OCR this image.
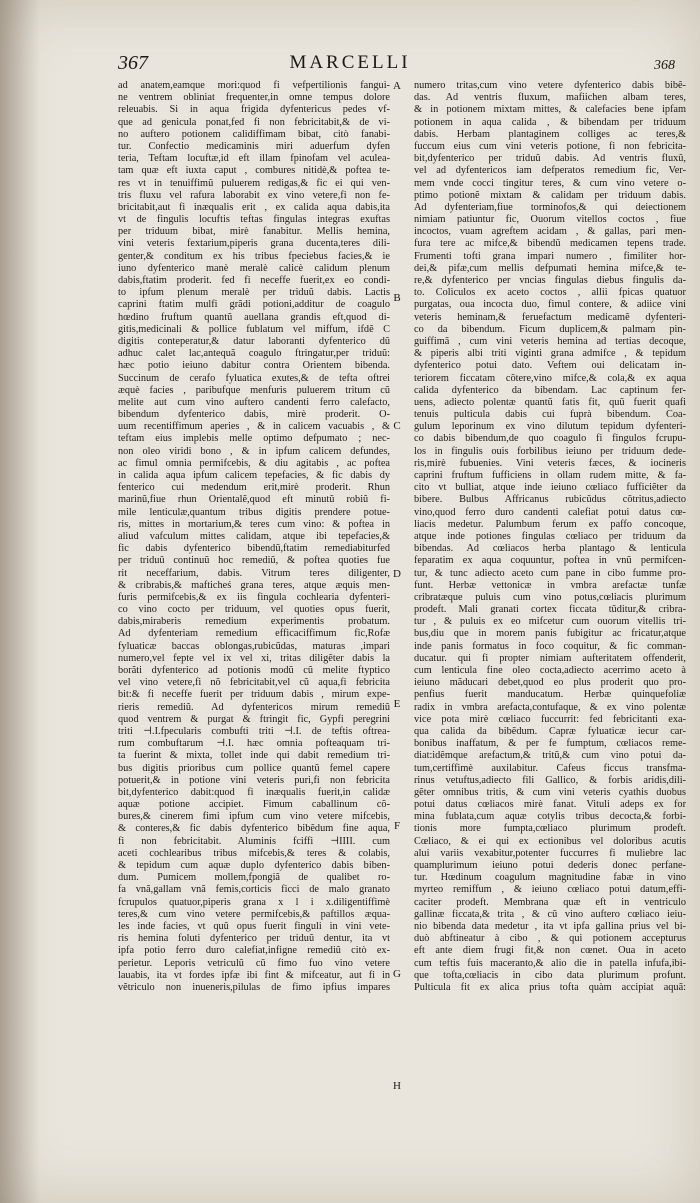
367	MARCELLI	368
ad anatem,eamque mori:quod fi vefpertilionis fangui-
ne ventrem obliniat frequenter,in omne tempus dolore
releuabis. Si in aqua frigida dyfentericus pedes vf-
que ad genicula ponat,fed fi non febricitabit,& de vi-
no auftero potionem calidiffimam bibat, citò fanabi-
tur. Confectio medicaminis miri aduerfum dyfen
teria, Teftam locuftæ,id eft illam fpinofam vel aculea-
tam quæ eft iuxta caput , combures nitidè,& poftea te-
res vt in tenuiffimũ puluerem redigas,& fic ei qui ven-
tris fluxu vel rafura laborabit ex vino vetere,fi non fe-
bricitabit,aut fi inæqualis erit , ex calida aqua dabis,ita
vt de fingulis locuftis teftas fingulas integras exuftas
per triduum bibat, mirè fanabitur. Mellis hemina,
vini veteris fextarium,piperis grana ducenta,teres dili-
genter,& conditum ex his tribus fpeciebus facies,& ie
iuno dyfenterico manè meralè calicè calidum plenum
dabis,ftatim proderit. fed fi neceffe fuerit,ex eo condi-
to ipfum plenum meralè per triduũ dabis. Lactis
caprini ftatim mulfi grãdi potioni,additur de coagulo
hœdino fruftum quantũ auellana grandis eft,quod di-
gitis,medicinali & pollice fublatum vel miffum, ifdẽ C
digitis conteperatur,& datur laboranti dyfenterico dũ
adhuc calet lac,antequã coagulo ftringatur,per triduũ:
hæc potio ieiuno dabitur contra Orientem bibenda.
Succinum de cerafo fyluatica exutes,& de tefta oftrei
æquè facies , paribufque menfuris puluerem tritum cũ
melite aut cum vino auftero candenti ferro calefacto,
bibendum dyfenterico dabis, mirè proderit. O-
uum recentiffimum aperies , & in calicem vacuabis , &
teftam eius implebis melle optimo defpumato ; nec-
non oleo viridi bono , & in ipfum calicem defundes,
ac fimul omnia permifcebis, & diu agitabis , ac poftea
in calida aqua ipfum calicem tepefacies, & fic dabis dy
fenterico cui medendum erit,mirè proderit. Rhun
marinũ,fiue rhun Orientalẽ,quod eft minutũ robiũ fi-
mile lenticulæ,quantum tribus digitis prendere potue-
ris, mittes in mortarium,& teres cum vino: & poftea in
aliud vafculum mittes calidam, atque ibi tepefacies,&
fic dabis dyfenterico bibendũ,ftatim remediabiturfed
per triduũ continuũ hoc remediũ, & poftea quoties fue
rit neceffarium, dabis. Vitrum teres diligenter,
& cribrabis,& mafticheś grana teres, atque æquis men-
furis permifcebis,& ex iis fingula cochlearia dyfenteri-
co vino cocto per triduum, vel quoties opus fuerit,
dabis,miraberis remedium experimentis probatum.
Ad dyfenteriam remedium efficaciffimum fic,Rofæ
fyluaticæ baccas oblongas,rubicũdas, maturas ,impari
numero,vel fepte vel ix vel xi, tritas diligẽter dabis la
borãti dyfenterico ad potionis modũ cũ melite ftyptico
vel vino vetere,fi nõ febricitabit,vel cũ aqua,fi febricita
bit:& fi neceffe fuerit per triduum dabis , mirum expe-
rieris remediũ. Ad dyfentericos mirum remediũ
quod ventrem & purgat & ftringit fic, Gypfi peregrini
triti ⊣.I.fpecularis combufti triti ⊣.I. de teftis oftrea-
rum combuftarum ⊣.I. hæc omnia pofteaquam tri-
ta fuerint & mixta, tollet inde qui dabit remedium tri-
bus digitis prioribus cum pollice quantũ femel capere
potuerit,& in potione vini veteris puri,fi non febricita
bit,dyfenterico dabit:quod fi inæqualis fuerit,in calidæ
aquæ potione accipiet. Fimum caballinum cõ-
bures,& cinerem fimi ipfum cum vino vetere mifcebis,
& conteres,& fic dabis dyfenterico bibẽdum fine aqua,
fi non febricitabit. Aluminis fciffi ⊣IIII. cum
aceti cochlearibus tribus mifcebis,& teres & colabis,
& tepidum cum aquæ duplo dyfenterico dabis biben-
dum. Pumicem mollem,fpongiã de qualibet ro-
fa vnã,gallam vnã femis,corticis ficci de malo granato
fcrupulos quatuor,piperis grana x l i x.diligentiffimè
teres,& cum vino vetere permifcebis,& paftillos æqua-
les inde facies, vt quũ opus fuerit finguli in vini vete-
ris hemina foluti dyfenterico per triduũ dentur, ita vt
ipfa potio ferro duro calefiat,infigne remediũ citò ex-
perietur. Leporis vetriculũ cũ fimo fuo vino vetere
lauabis, ita vt fordes ipfæ ibi fint & mifceatur, aut fi in
vẽtriculo non inueneris,pilulas de fimo ipfius impares
A
B
C
D
E
F
G
H
numero tritas,cum vino vetere dyfenterico dabis bibẽ-
das. Ad ventris fluxum, mafiichen albam teres,
& in potionem mixtam mittes, & calefacies bene ipfam
potionem in aqua calida , & bibendam per triduum
dabis. Herbam plantaginem colliges ac teres,&
fuccum eius cum vini veteris potione, fi non febricita-
bit,dyfenterico per triduũ dabis. Ad ventris fluxũ,
vel ad dyfentericos iam defperatos remedium fic, Ver-
mem vnde cocci tingitur teres, & cum vino vetere o-
ptimo potionẽ mixtam & calidam per triduum dabis.
Ad dyfenteriam,fiue torminofos,& qui deiectionem
nimiam patiuntur fic, Ouorum vitellos coctos , fiue
incoctos, vuam agreftem acidam , & gallas, pari men-
fura tere ac mifce,& bibendũ medicamen tepens trade.
Frumenti tofti grana impari numero , fimiliter hor-
dei,& pifæ,cum mellis defpumati hemina mifce,& te-
re,& dyfenterico per vncias fingulas diebus fingulis da-
to. Coliculos ex aceto coctos , allii fpicas quatuor
purgatas, oua incocta duo, fimul contere, & adiice vini
veteris heminam,& feruefactum medicamẽ dyfenteri-
co da bibendum. Ficum duplicem,& palmam pin-
guiffimã , cum vini veteris hemina ad tertias decoque,
& piperis albi triti viginti grana admifce , & tepidum
dyfenterico potui dato. Veftem oui delicatam in-
teriorem ficcatam cõtere,vino mifce,& cola,& ex aqua
calida dyfenterico da bibendam. Lac captinum fer-
uens, adiecto polentæ quantũ fatis fit, quũ fuerit quafi
tenuis pulticula dabis cui fuprà bibendum. Coa-
gulum leporinum ex vino dilutum tepidum dyfenteri-
co dabis bibendum,de quo coagulo fi fingulos fcrupu-
los in fingulis ouis forbilibus ieiuno per triduum dede-
ris,mirè fubuenies. Vini veteris fæces, & iocineris
caprini fruftum fufficiens in ollam rudem mitte, & fa-
cito vt bulliat, atque inde ieiuno cœliaco fufficiẽter da
bibere. Bulbus Affricanus rubicũdus cõtritus,adiecto
vino,quod ferro duro candenti calefiat potui datus cœ-
liacis medetur. Palumbum ferum ex paffo concoque,
atque inde potiones fingulas cœliaco per triduum da
bibendas. Ad cœliacos herba plantago & lenticula
feparatim ex aqua coquuntur, poftea in vnũ permifcen-
tur, & tunc adiecto aceto cum pane in cibo fumme pro-
funt. Herbæ vettonicæ in vmbra arefactæ tunfæ
cribratæque puluis cum vino potus,cœliacis plurimum
prodeft. Mali granati cortex ficcata tũditur,& cribra-
tur , & puluis ex eo mifcetur cum ouorum vitellis tri-
bus,diu que in morem panis fubigitur ac fricatur,atque
inde panis formatus in foco coquitur, & fic comman-
ducatur. qui fi propter nimiam aufteritatem offenderit,
cum lenticula fine oleo cocta,adiecto acerrimo aceto à
ieiuno mãducari debet,quod eo plus proderit quo pro-
penfius fuerit manducatum. Herbæ quinquefoliæ
radix in vmbra arefacta,contufaque, & ex vino polentæ
vice pota mirè cœliaco fuccurrit: fed febricitanti exa-
qua calida da bibẽdum. Capræ fyluaticæ iecur car-
bonibus inaffatum, & per fe fumptum, cœliacos reme-
diat:idẽmque arefactum,& tritũ,& cum vino potui da-
tum,certiffimè auxilabitur. Cafeus ficcus transfma-
rinus vetuftus,adiecto fili Gallico, & forbis aridis,dili-
gẽter omnibus tritis, & cum vini veteris cyathis duobus
potui datus cœliacos mirè fanat. Vituli adeps ex for
mina fublata,cum aquæ cotylis tribus decocta,& forbi-
tionis more fumpta,cœliaco plurimum prodeft.
Cœliaco, & ei qui ex ectionibus vel doloribus acutis
alui variis vexabitur,potenter fuccurres fi muliebre lac
quamplurimum ieiuno potui dederis donec perfane-
tur. Hœdinum coagulum magnitudine fabæ in vino
myrteo remiffum , & ieiuno cœliaco potui datum,effi-
caciter prodeft. Membrana quæ eft in ventriculo
gallinæ ficcata,& trita , & cũ vino auftero cœliaco ieiu-
nio bibenda data medetur , ita vt ipfa gallina prius vel bi-
duò abftineatur à cibo , & qui potionem accepturus
eft ante diem frugi fit,& non cœnet. Oua in aceto
cum teftis fuis maceranto,& alio die in patella infufa,ibi-
que tofta,cœliacis in cibo data plurimum profunt.
Pulticula fit ex alica prius tofta quàm accipiat aquã:
